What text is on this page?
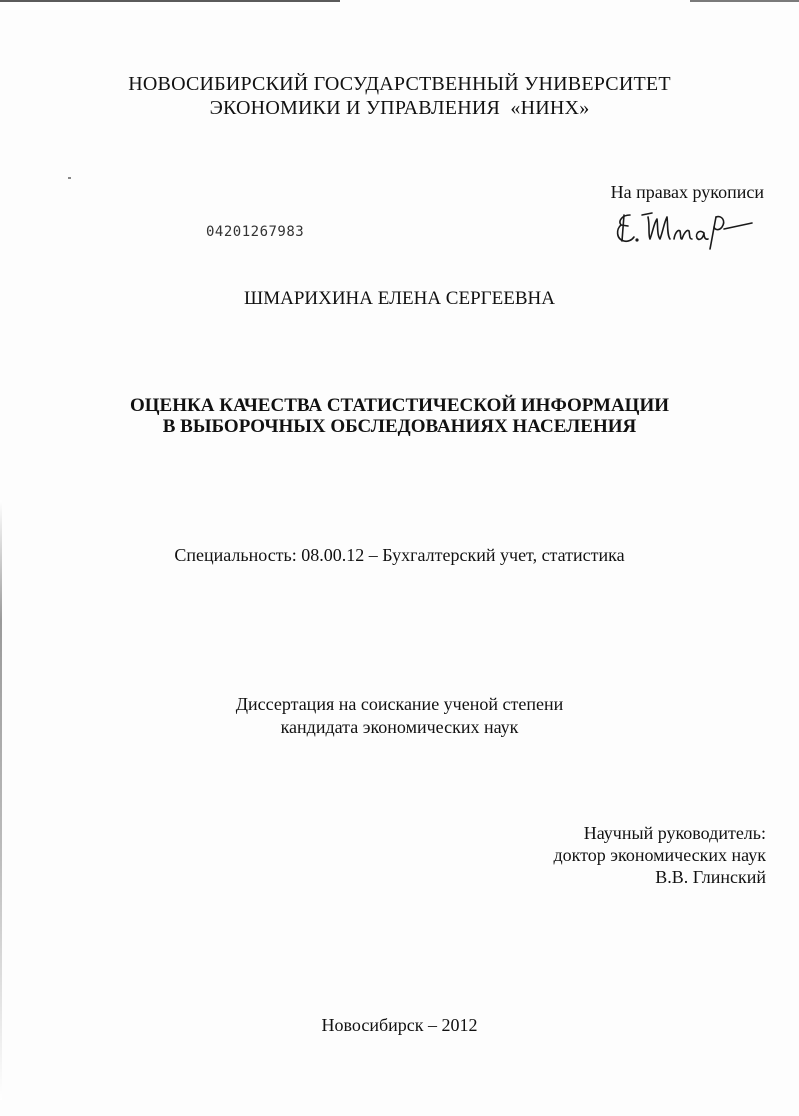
НОВОСИБИРСКИЙ ГОСУДАРСТВЕННЫЙ УНИВЕРСИТЕТ
ЭКОНОМИКИ И УПРАВЛЕНИЯ  «НИНХ»
На правах рукописи
04201267983
ШМАРИХИНА ЕЛЕНА СЕРГЕЕВНА
ОЦЕНКА КАЧЕСТВА СТАТИСТИЧЕСКОЙ ИНФОРМАЦИИ
В ВЫБОРОЧНЫХ ОБСЛЕДОВАНИЯХ НАСЕЛЕНИЯ
Специальность: 08.00.12 – Бухгалтерский учет, статистика
Диссертация на соискание ученой степени
кандидата экономических наук
Научный руководитель:
доктор экономических наук
В.В. Глинский
Новосибирск – 2012
